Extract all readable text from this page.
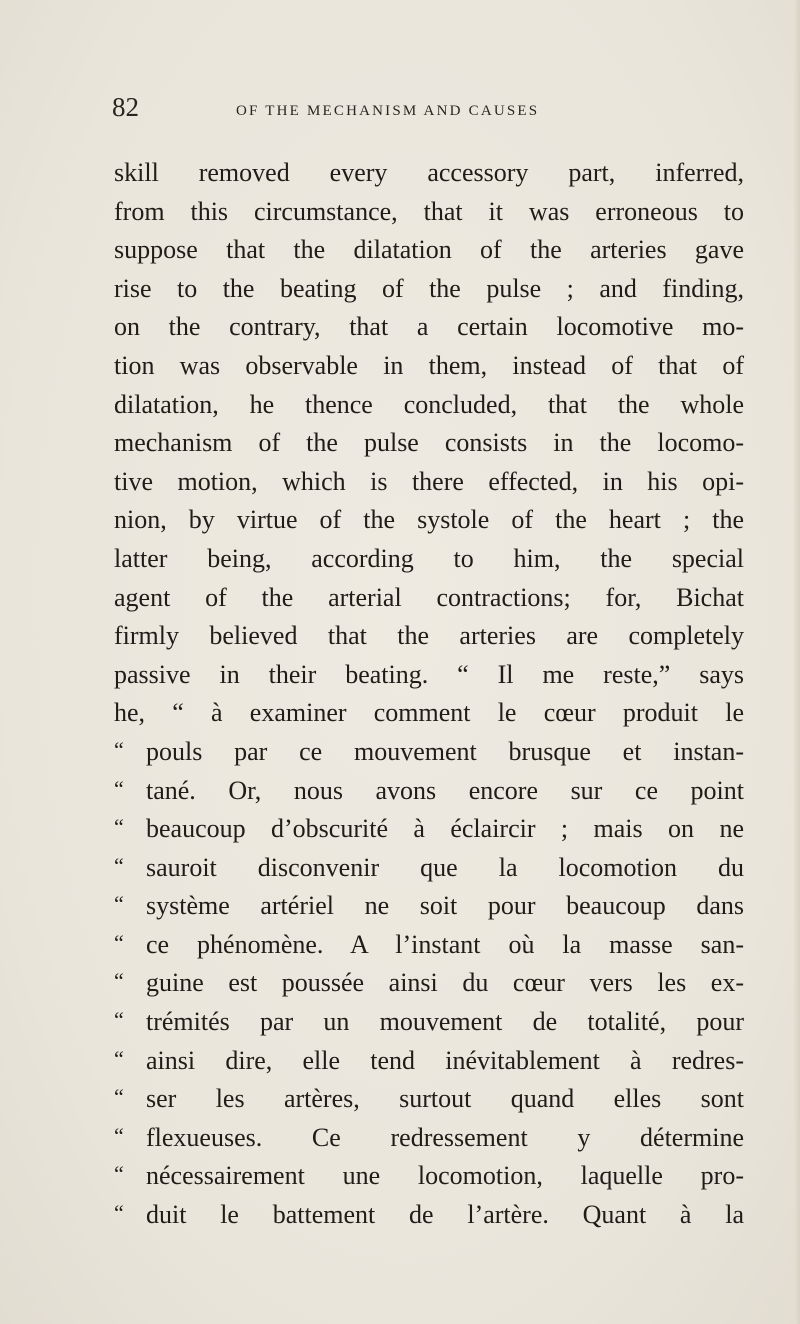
82	OF THE MECHANISM AND CAUSES
skill removed every accessory part, inferred,
from this circumstance, that it was erroneous to
suppose that the dilatation of the arteries gave
rise to the beating of the pulse ; and finding,
on the contrary, that a certain locomotive mo-
tion was observable in them, instead of that of
dilatation, he thence concluded, that the whole
mechanism of the pulse consists in the locomo-
tive motion, which is there effected, in his opi-
nion, by virtue of the systole of the heart ; the
latter being, according to him, the special
agent of the arterial contractions; for, Bichat
firmly believed that the arteries are completely
passive in their beating. “ Il me reste,” says
he, “ à examiner comment le cœur produit le
“ pouls par ce mouvement brusque et instan-
“ tané. Or, nous avons encore sur ce point
“ beaucoup d’obscurité à éclaircir ; mais on ne
“ sauroit disconvenir que la locomotion du
“ système artériel ne soit pour beaucoup dans
“ ce phénomène. A l’instant où la masse san-
“ guine est poussée ainsi du cœur vers les ex-
“ trémités par un mouvement de totalité, pour
“ ainsi dire, elle tend inévitablement à redres-
“ ser les artères, surtout quand elles sont
“ flexueuses. Ce redressement y détermine
“ nécessairement une locomotion, laquelle pro-
“ duit le battement de l’artère. Quant à la
